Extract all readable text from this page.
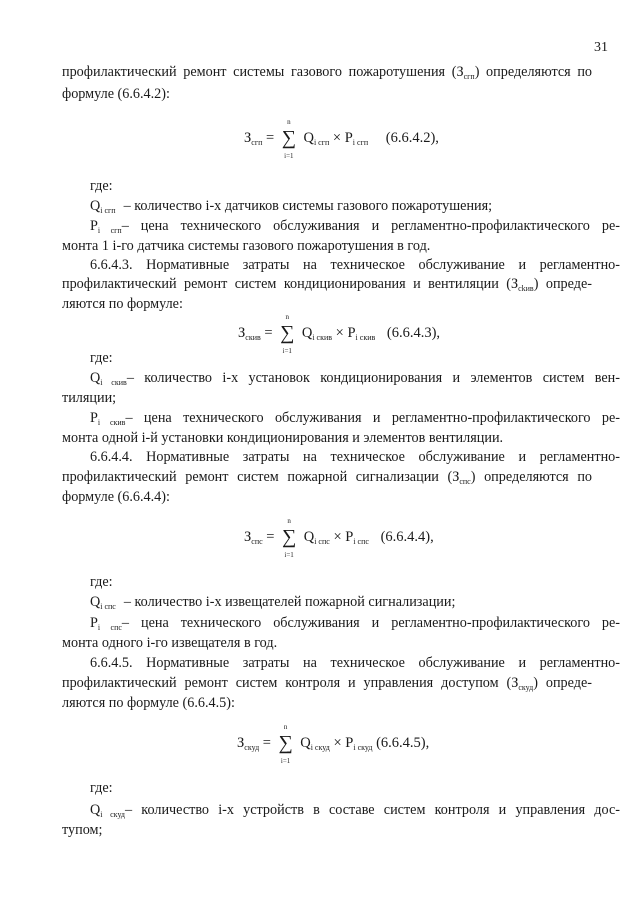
31
профилактический ремонт системы газового пожаротушения $(З_{сгп})$ определяются по
формуле (6.6.4.2):
$З_{сгп}$ =
n
∑
i=1
$Q_{i сгп} \times P_{i сгп}$ (6.6.4.2),
где:
$Q_{i сгп}$ – количество i-х датчиков системы газового пожаротушения;
$P_{i сгп}-$ цена технического обслуживания и регламентно-профилактического ре-
монта 1 i-го датчика системы газового пожаротушения в год.
6.6.4.3. Нормативные затраты на техническое обслуживание и регламентно-
профилактический ремонт систем кондиционирования и вентиляции $(З_{сkив})$ опреде-
ляются по формуле:
$З_{скив}$ =
n
∑
i=1
$Q_{i скив} \times P_{i скив}$ (6.6.4.3),
где:
$Q_{i скив}-$ количество i-х установок кондиционирования и элементов систем вен-
тиляции;
$P_{i скив}-$ цена технического обслуживания и регламентно-профилактического ре-
монта одной i-й установки кондиционирования и элементов вентиляции.
6.6.4.4. Нормативные затраты на техническое обслуживание и регламентно-
профилактический ремонт систем пожарной сигнализации $(З_{спс})$ определяются по
формуле (6.6.4.4):
$З_{спс}$ =
n
∑
i=1
$Q_{i спс} \times P_{i спс}$ (6.6.4.4),
где:
$Q_{i спс}$ – количество i-х извещателей пожарной сигнализации;
$P_{i спс}-$ цена технического обслуживания и регламентно-профилактического ре-
монта одного i-го извещателя в год.
6.6.4.5. Нормативные затраты на техническое обслуживание и регламентно-
профилактический ремонт систем контроля и управления доступом $(З_{скуд})$ опреде-
ляются по формуле (6.6.4.5):
$З_{скуд}$ =
n
∑
i=1
$Q_{i скуд} \times P_{i скуд}$ (6.6.4.5),
где:
$Q_{i скуд}-$ количество i-х устройств в составе систем контроля и управления дос-
тупом;
